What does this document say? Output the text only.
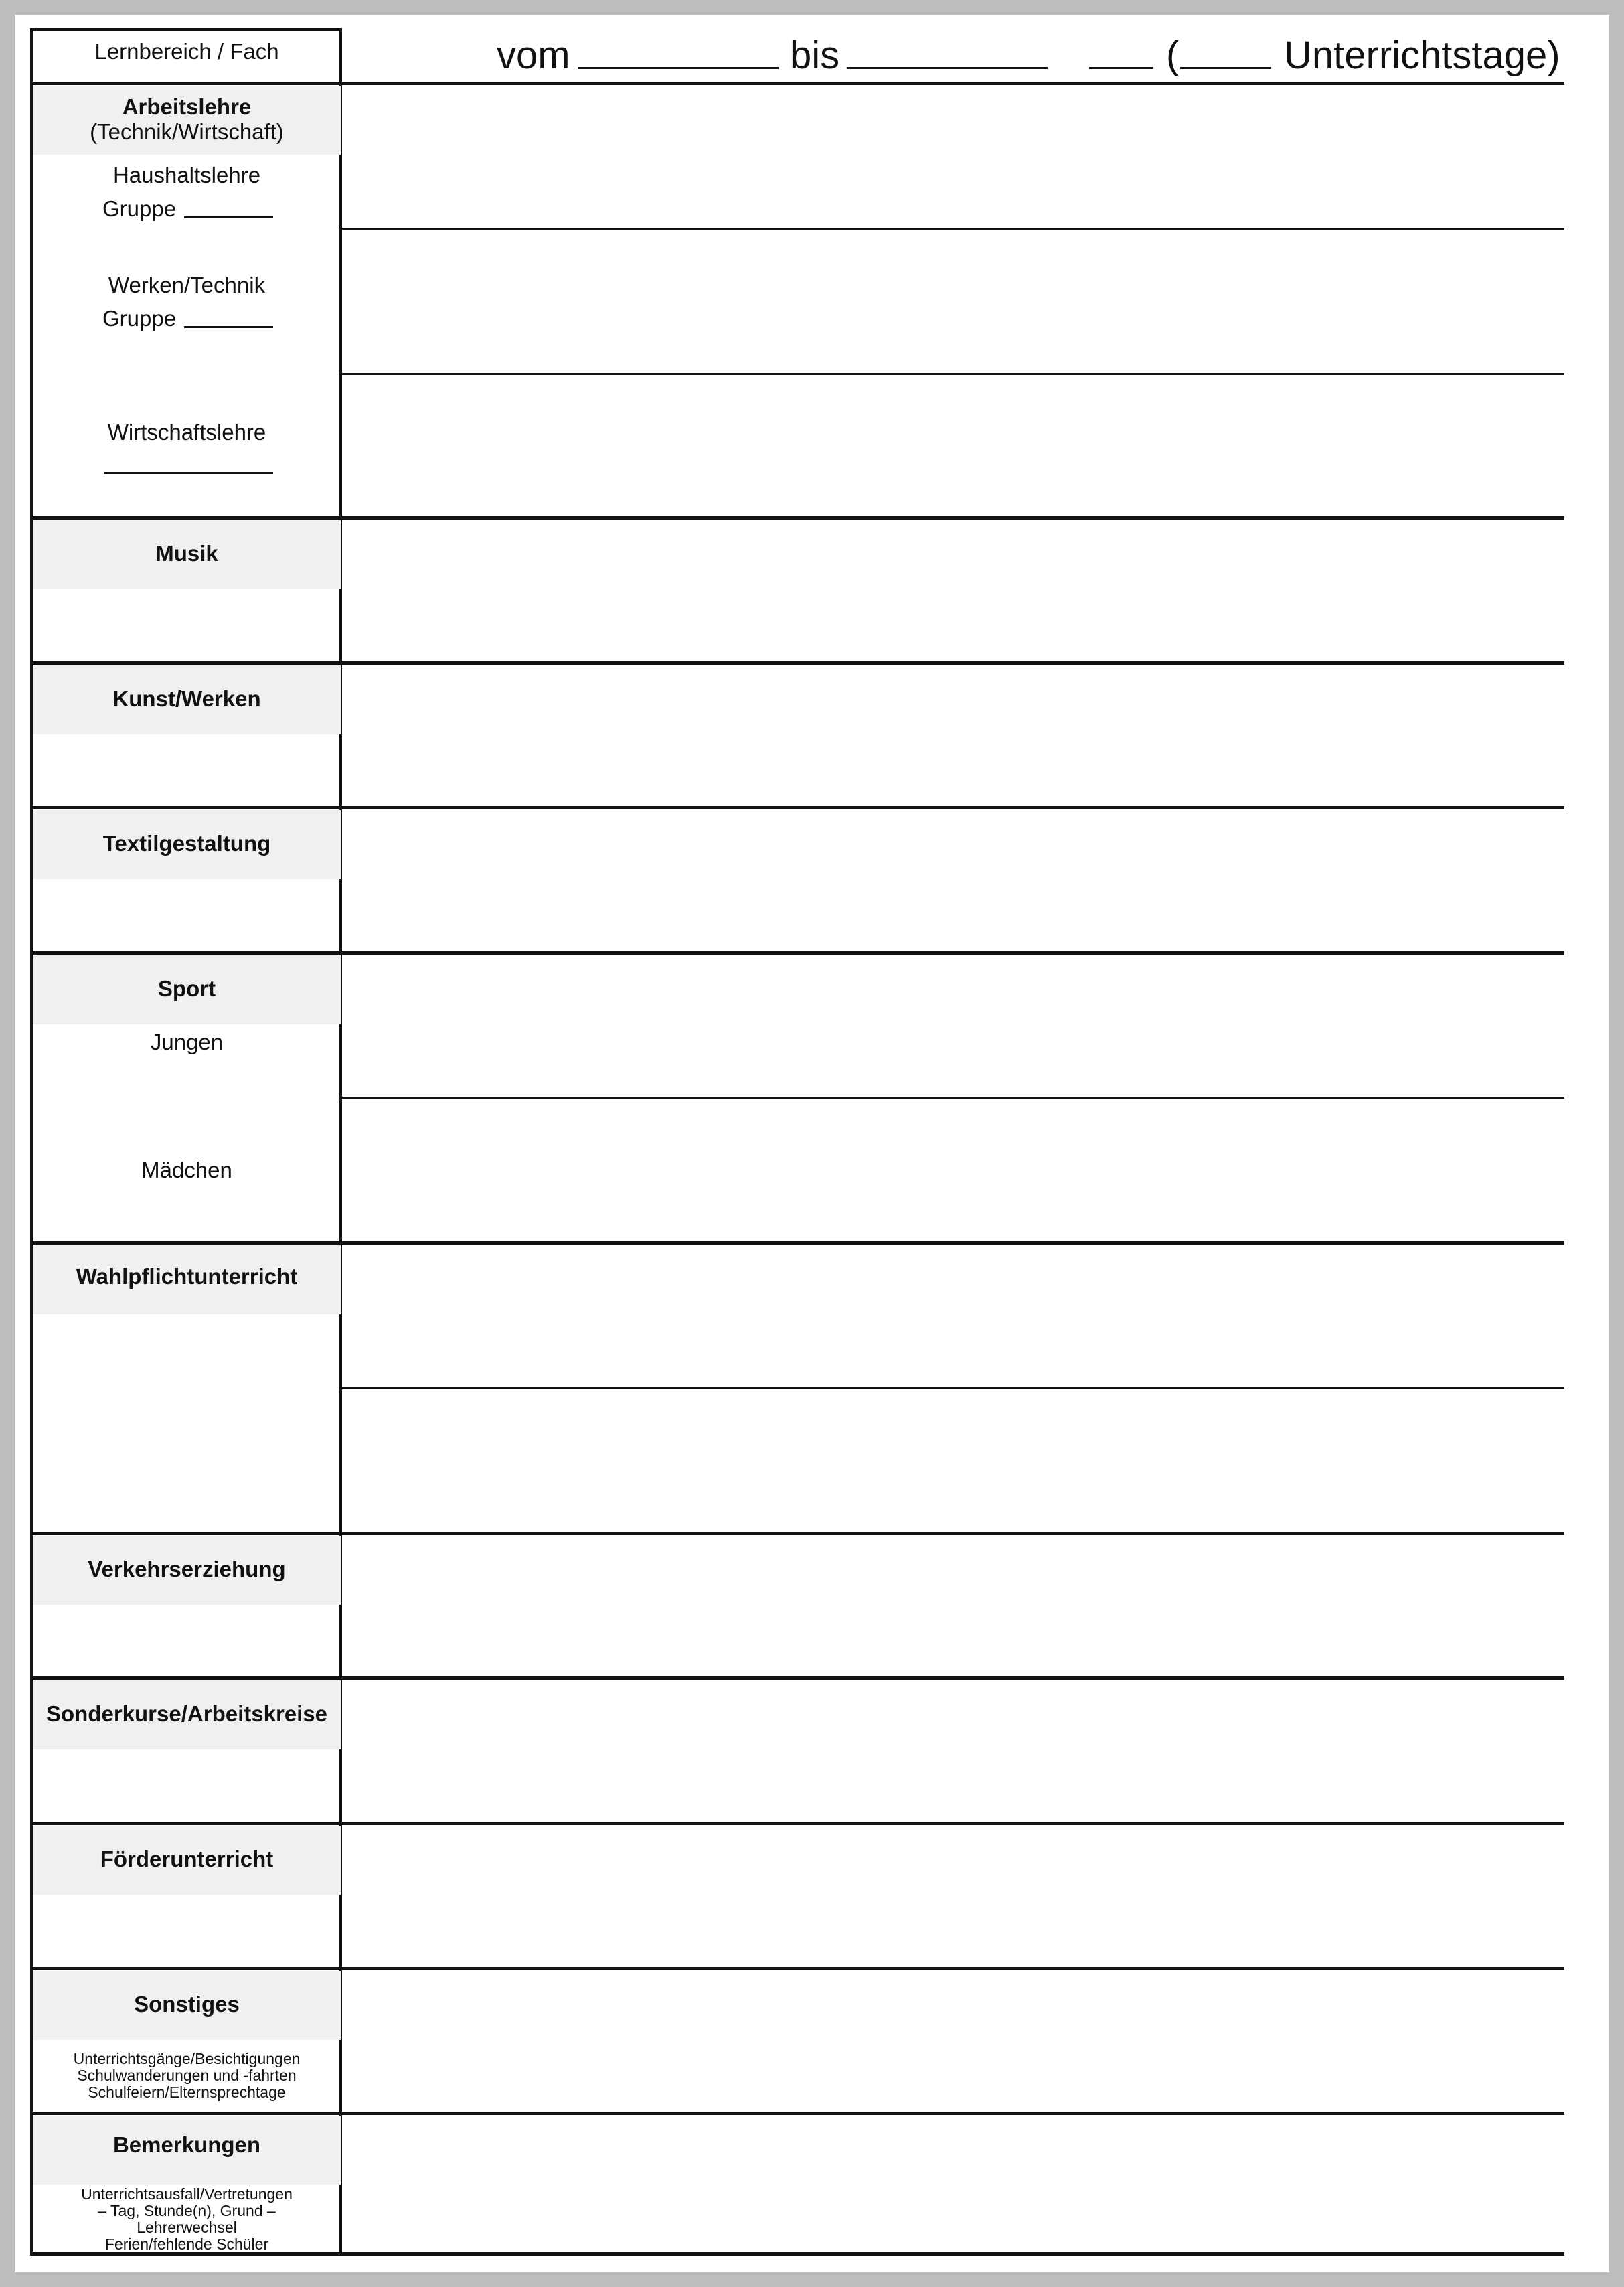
Lernbereich / Fach	vom	bis	(	Unterrichtstage)
Arbeitslehre
(Technik/Wirtschaft)
Haushaltslehre
Gruppe
Werken/Technik
Gruppe
Wirtschaftslehre
Musik
Kunst/Werken
Textilgestaltung
Sport
Jungen
Mädchen
Wahlpflichtunterricht
Verkehrserziehung
Sonderkurse/Arbeitskreise
Förderunterricht
Sonstiges
Unterrichtsgänge/Besichtigungen
Schulwanderungen und -fahrten
Schulfeiern/Elternsprechtage
Bemerkungen
Unterrichtsausfall/Vertretungen
– Tag, Stunde(n), Grund –
Lehrerwechsel
Ferien/fehlende Schüler
